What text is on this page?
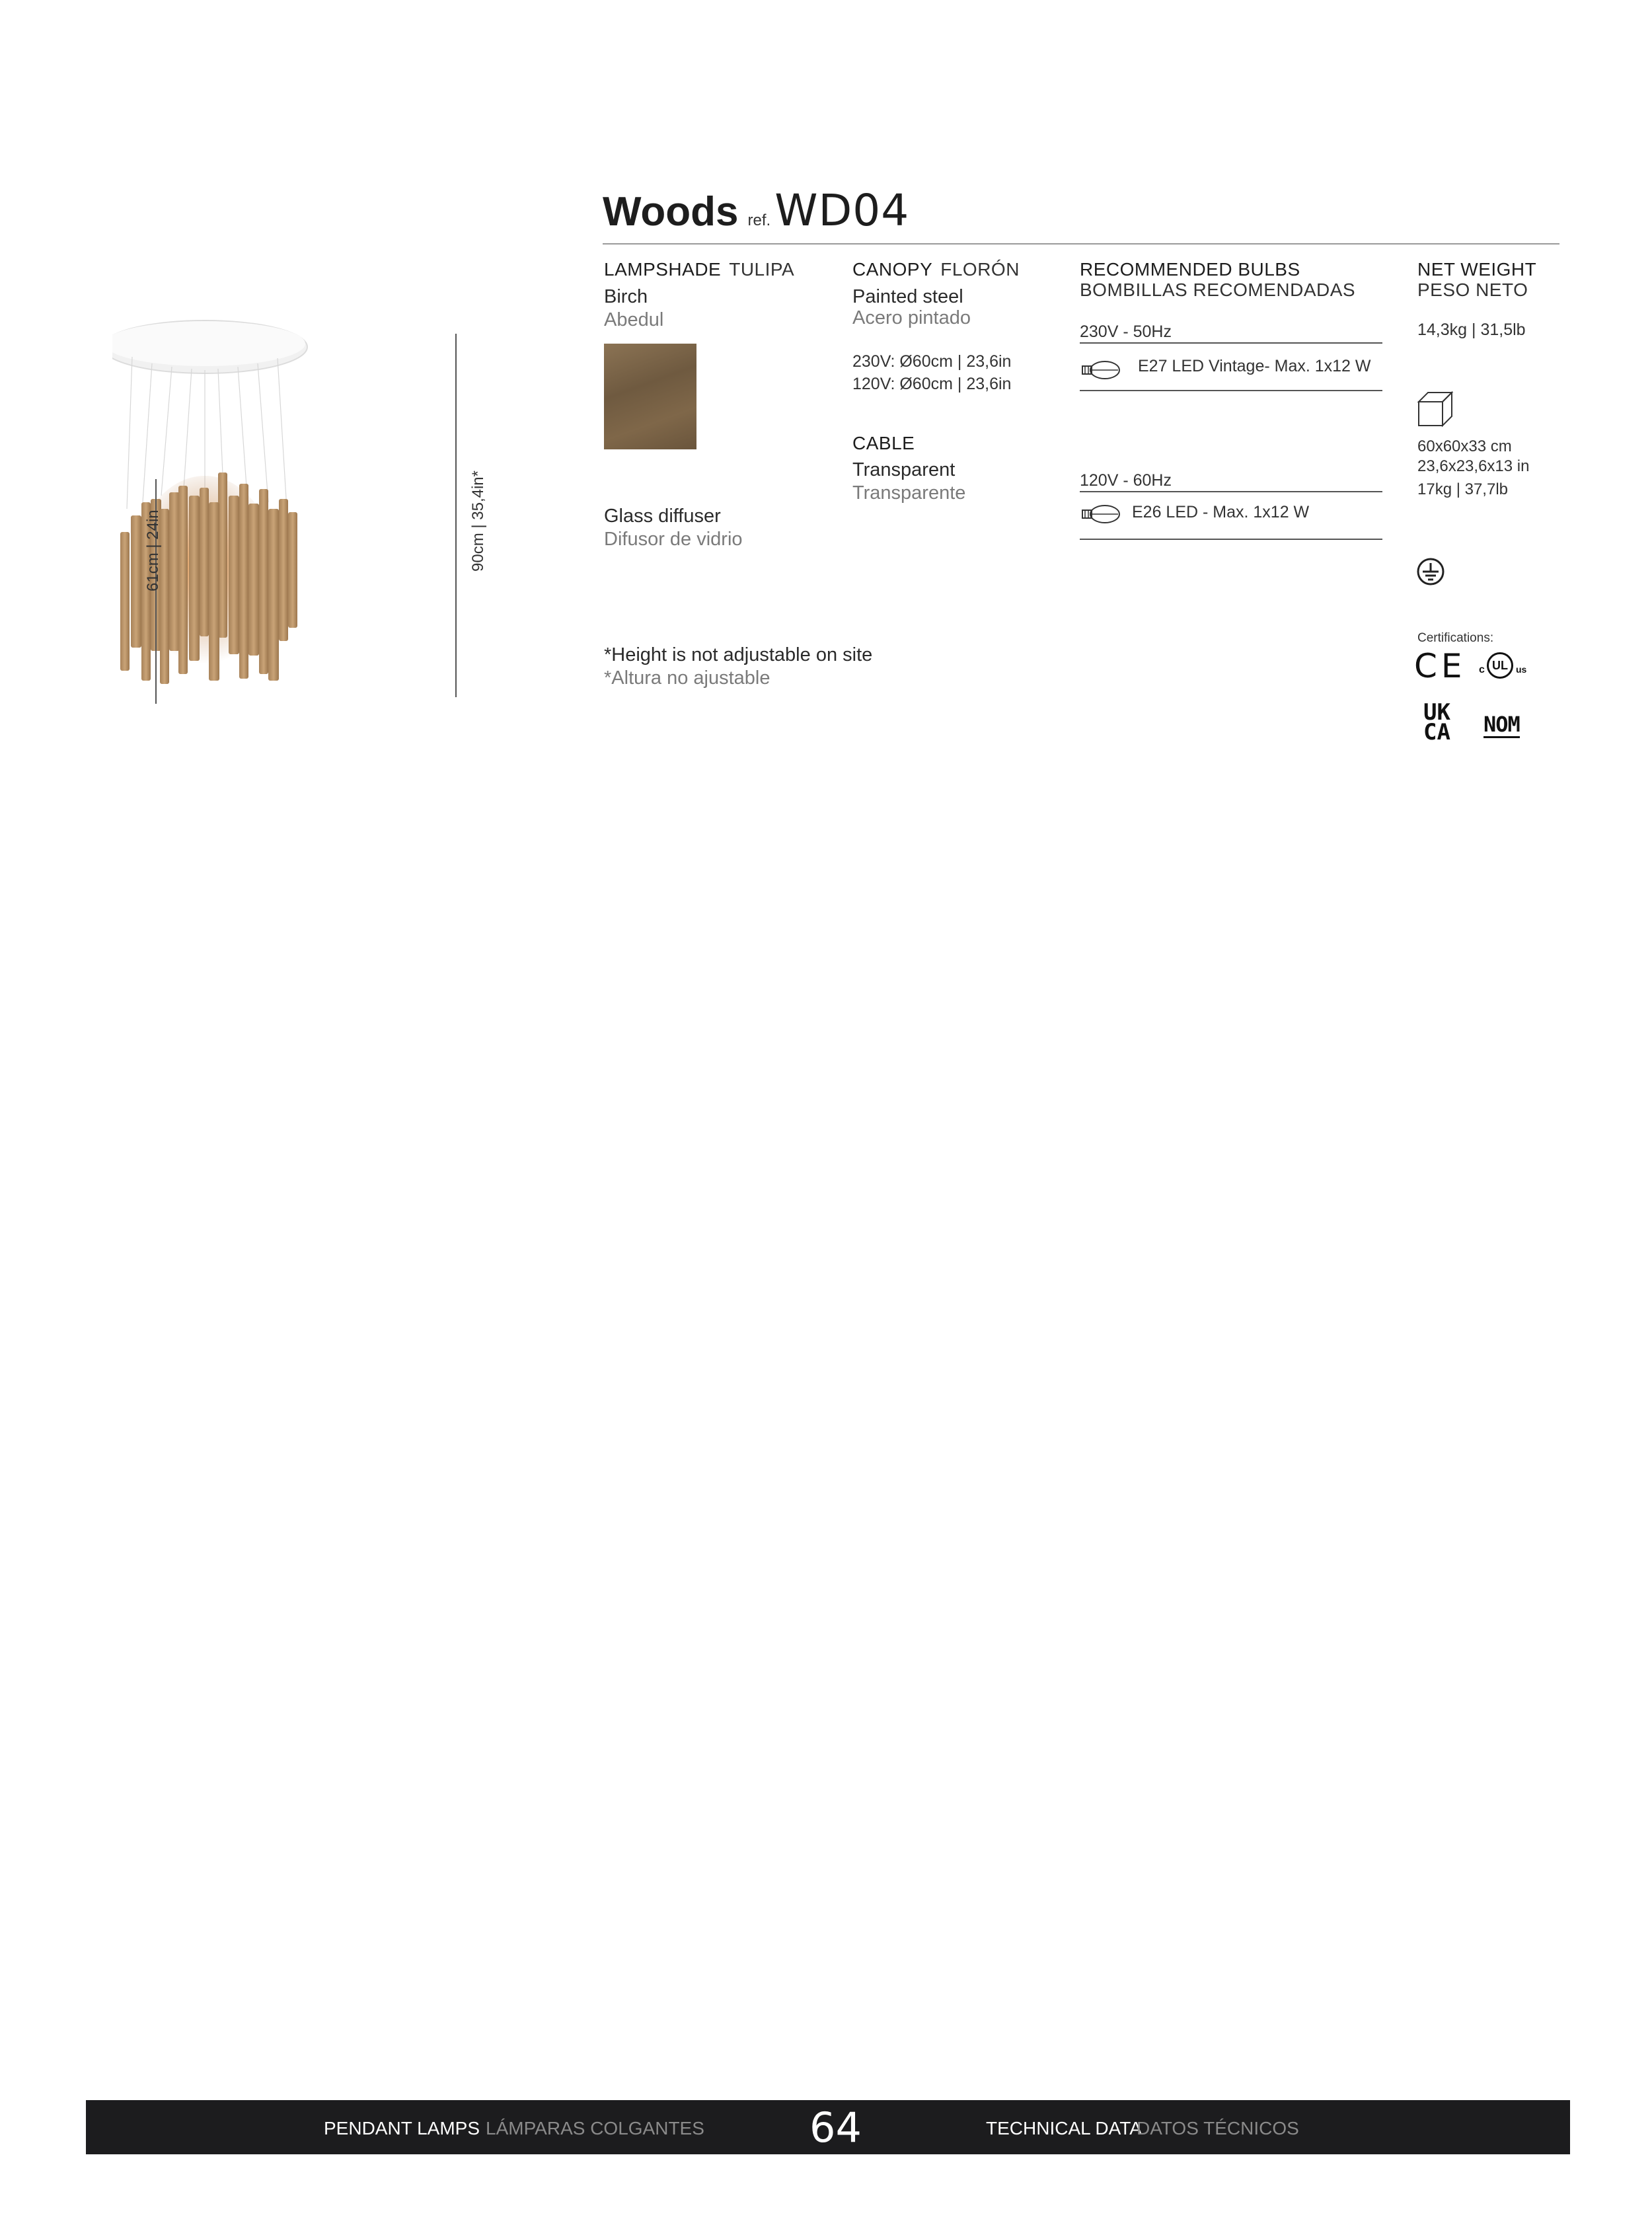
Woods ref. WD04
61cm | 24in	90cm | 35,4in*
LAMPSHADE TULIPA
Birch
Abedul
Glass diffuser
Difusor de vidrio
*Height is not adjustable on site
*Altura no ajustable
CANOPY FLORÓN
Painted steel
Acero pintado
230V: Ø60cm | 23,6in
120V: Ø60cm | 23,6in
CABLE
Transparent
Transparente
RECOMMENDED BULBS
BOMBILLAS RECOMENDADAS
230V - 50Hz
E27 LED Vintage- Max. 1x12 W
120V - 60Hz
E26 LED - Max. 1x12 W
NET WEIGHT
PESO NETO
14,3kg | 31,5lb
60x60x33 cm
23,6x23,6x13 in
17kg | 37,7lb
Certifications:
CE c UL us
UK
CA	NOM
PENDANT LAMPS LÁMPARAS COLGANTES	64	TECHNICAL DATA
DATOS TÉCNICOS
